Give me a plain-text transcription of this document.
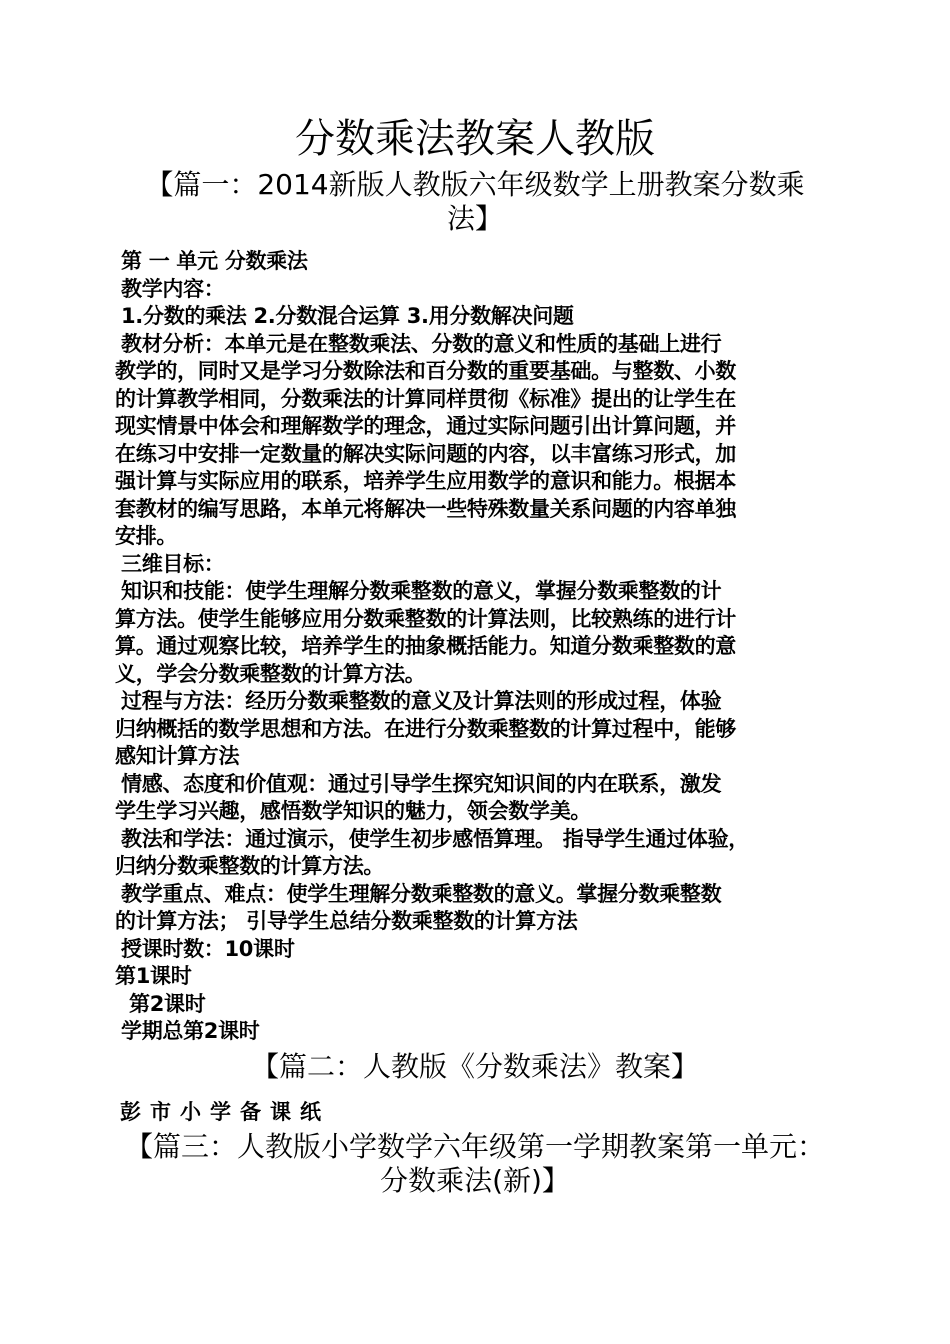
分数乘法教案人教版
【篇一：2014新版人教版六年级数学上册教案分数乘法】
第 一 单元 分数乘法
教学内容：
1.分数的乘法 2.分数混合运算 3.用分数解决问题
教材分析：本单元是在整数乘法、分数的意义和性质的基础上进行
教学的，同时又是学习分数除法和百分数的重要基础。与整数、小数
的计算教学相同，分数乘法的计算同样贯彻《标准》提出的让学生在
现实情景中体会和理解数学的理念，通过实际问题引出计算问题，并
在练习中安排一定数量的解决实际问题的内容，以丰富练习形式，加
强计算与实际应用的联系，培养学生应用数学的意识和能力。根据本
套教材的编写思路，本单元将解决一些特殊数量关系问题的内容单独
安排。
三维目标：
知识和技能：使学生理解分数乘整数的意义，掌握分数乘整数的计
算方法。使学生能够应用分数乘整数的计算法则，比较熟练的进行计
算。通过观察比较，培养学生的抽象概括能力。知道分数乘整数的意
义，学会分数乘整数的计算方法。
过程与方法：经历分数乘整数的意义及计算法则的形成过程，体验
归纳概括的数学思想和方法。在进行分数乘整数的计算过程中，能够
感知计算方法
情感、态度和价值观：通过引导学生探究知识间的内在联系，激发
学生学习兴趣，感悟数学知识的魅力，领会数学美。
教法和学法：通过演示，使学生初步感悟算理。 指导学生通过体验，
归纳分数乘整数的计算方法。
教学重点、难点：使学生理解分数乘整数的意义。掌握分数乘整数
的计算方法； 引导学生总结分数乘整数的计算方法
授课时数：10课时
第1课时
第2课时
学期总第2课时
【篇二：人教版《分数乘法》教案】
彭市小学备课纸
【篇三：人教版小学数学六年级第一学期教案第一单元：分数乘法(新)】
